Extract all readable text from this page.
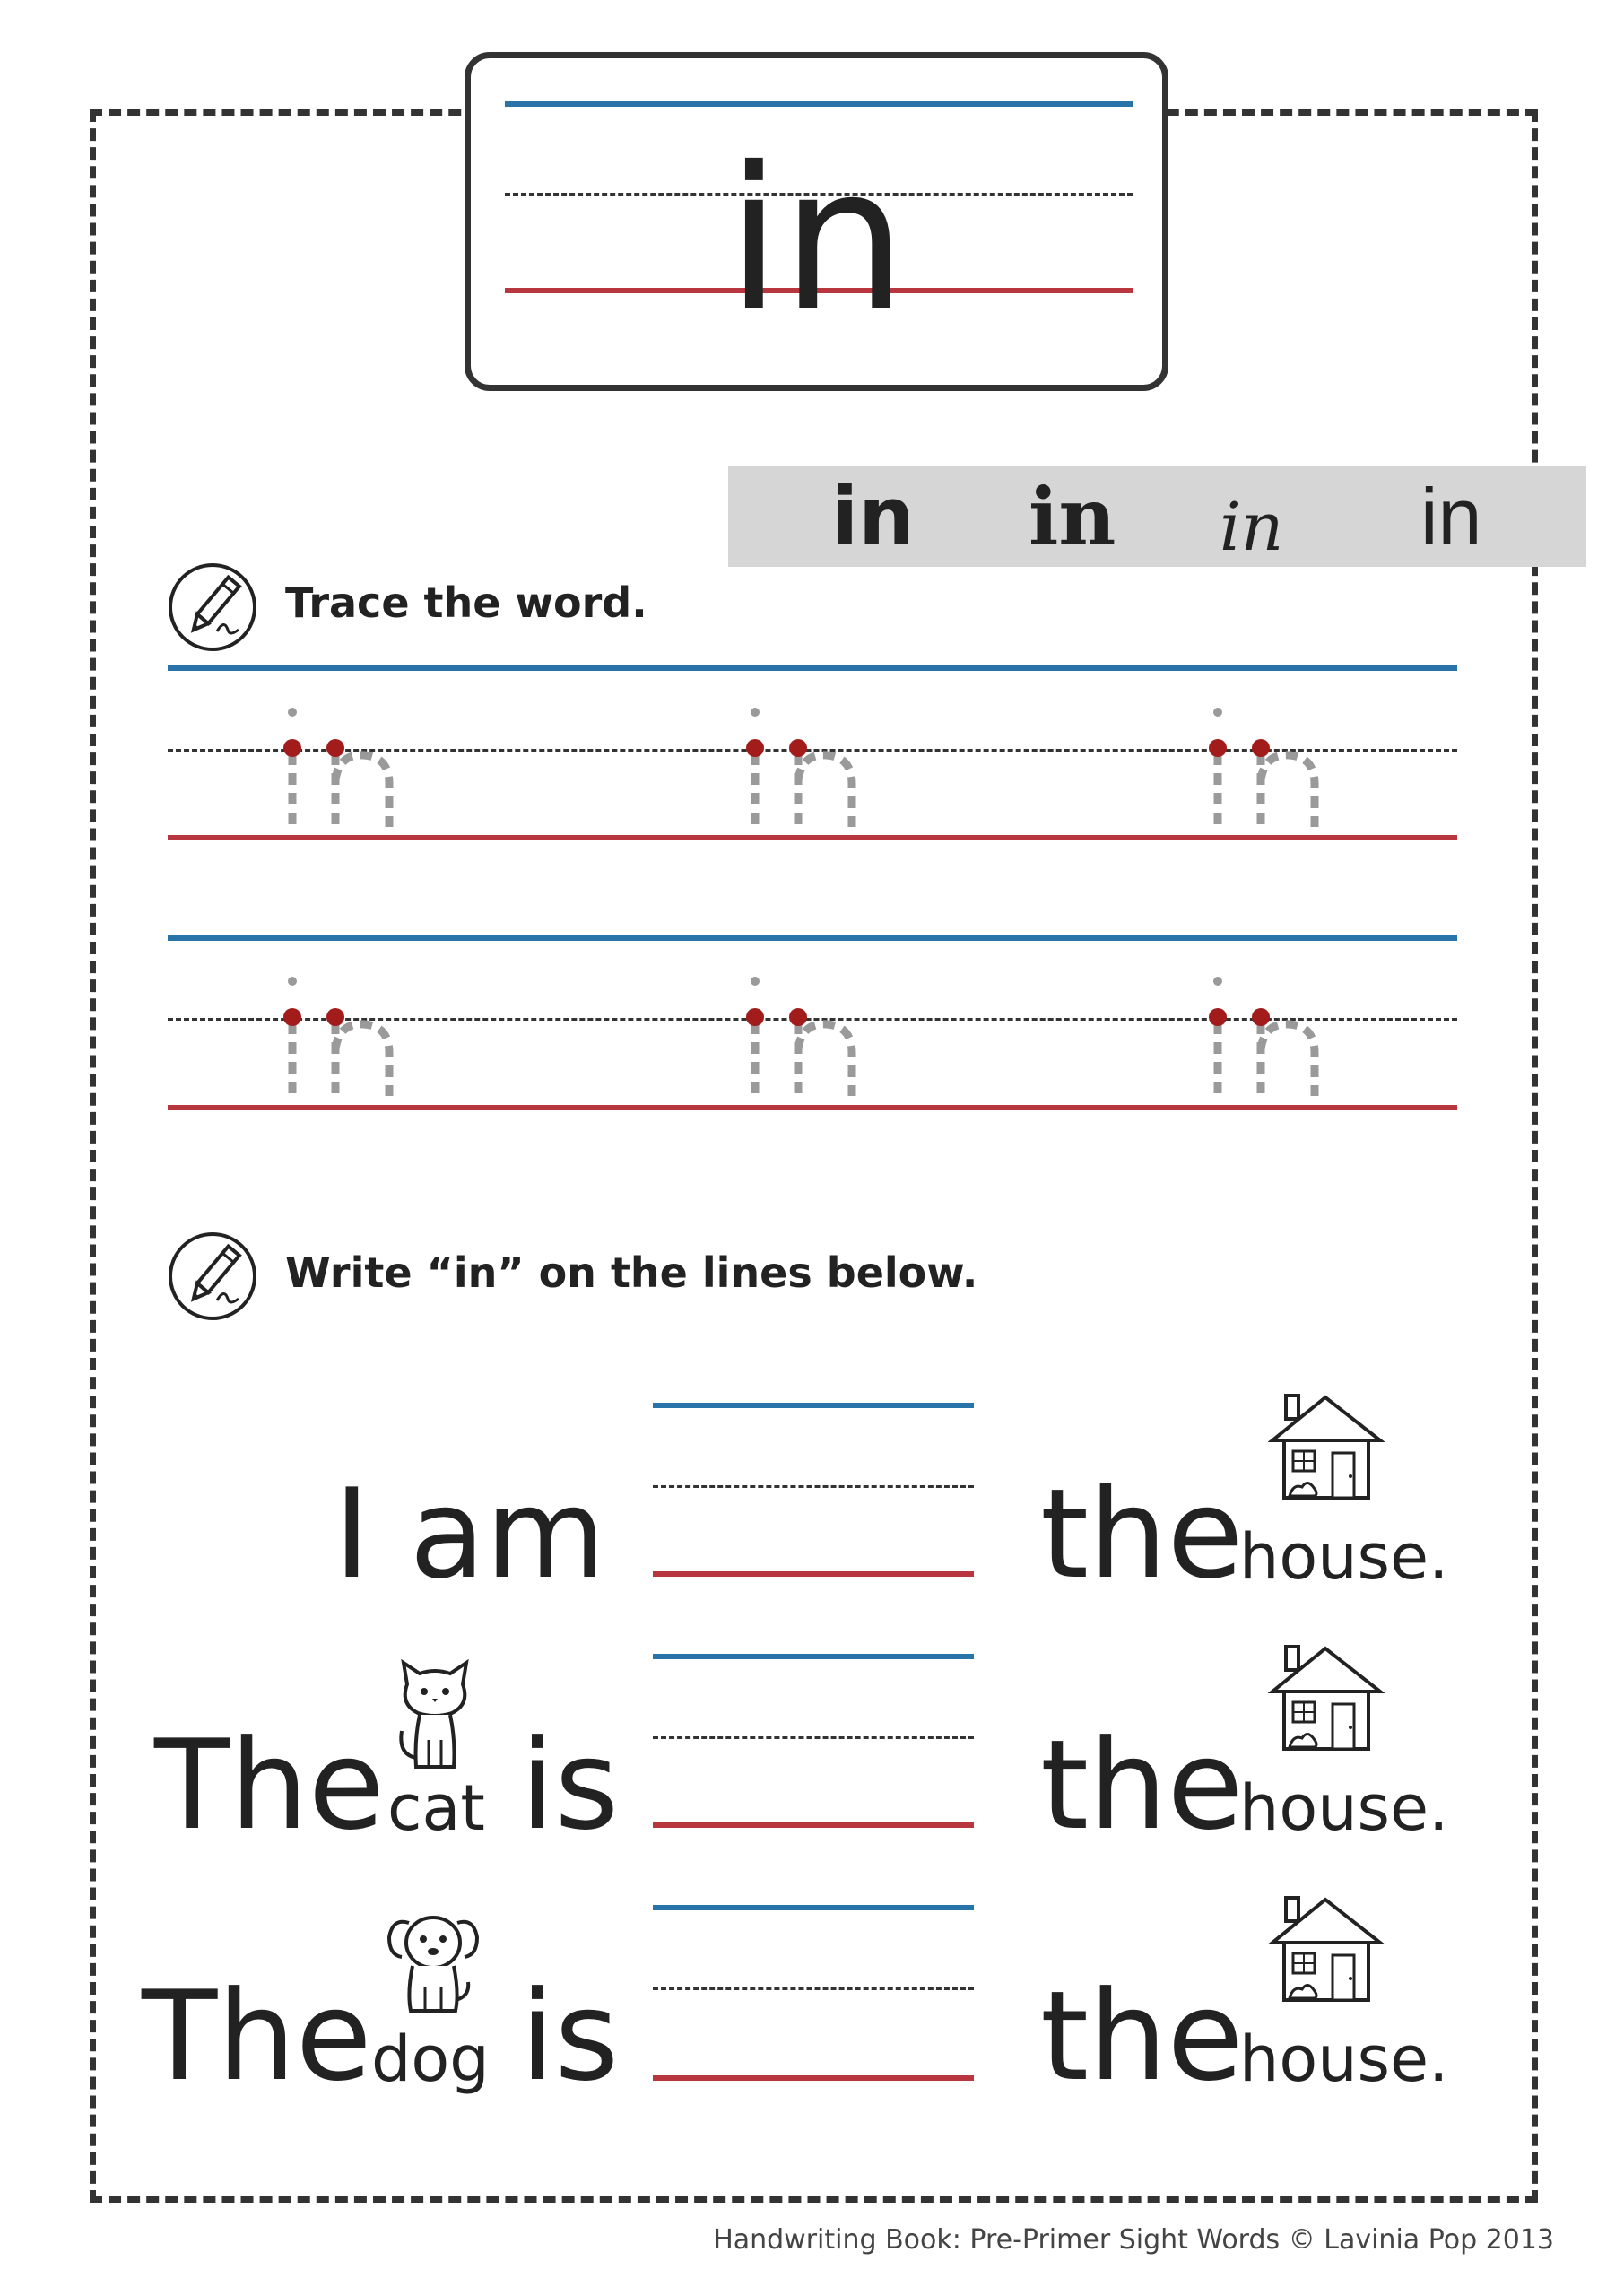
in
in in in in
Trace the word.
Write “in” on the lines below.
I am	the
house.
The cat is	the
house.
The dog is	the
house.
Handwriting Book: Pre-Primer Sight Words © Lavinia Pop 2013
